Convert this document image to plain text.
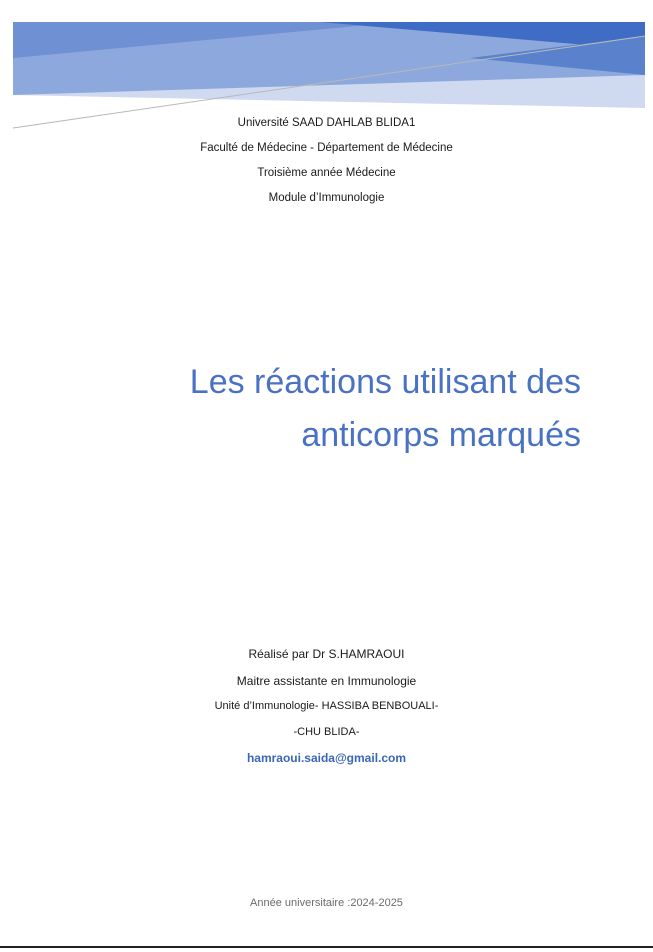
Université SAAD DAHLAB BLIDA1
Faculté de Médecine - Département de Médecine
Troisième année Médecine
Module d’Immunologie
Les réactions utilisant des
anticorps marqués
Réalisé par Dr S.HAMRAOUI
Maitre assistante en Immunologie
Unité d’Immunologie- HASSIBA BENBOUALI-
-CHU BLIDA-
hamraoui.saida@gmail.com
Année universitaire :2024-2025
